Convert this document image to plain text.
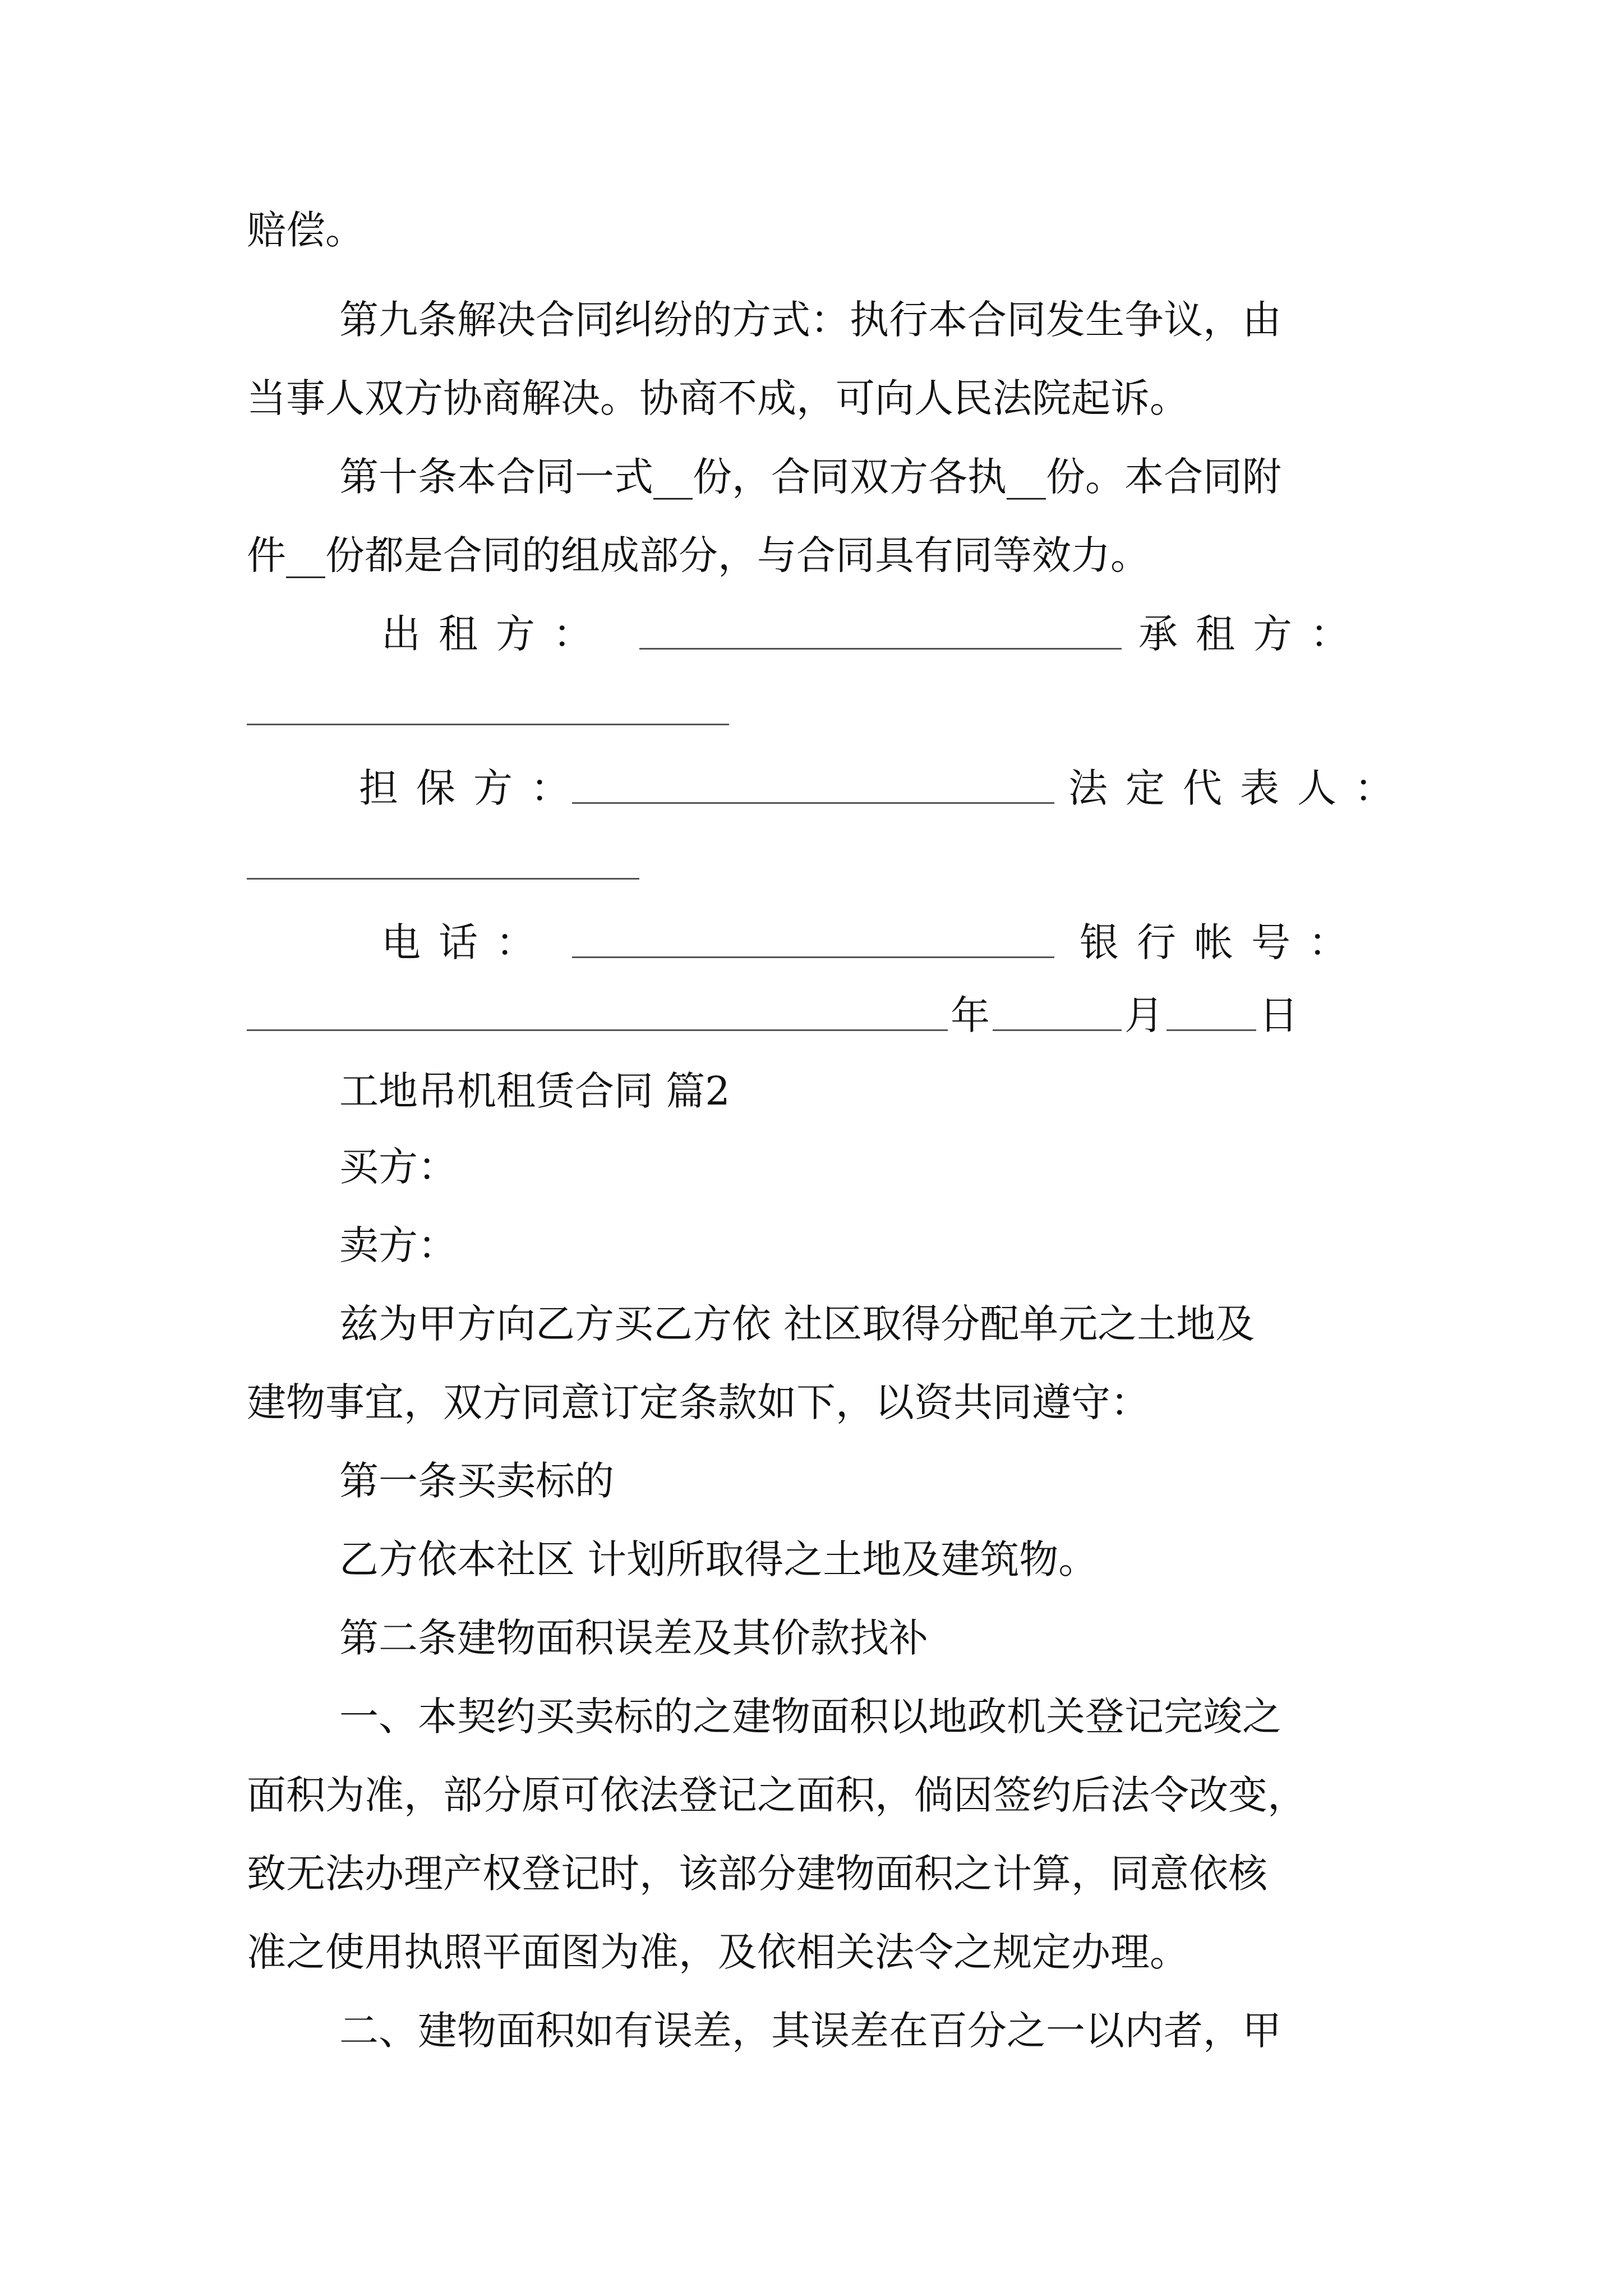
赔偿。
第九条解决合同纠纷的方式：执行本合同发生争议，由
当事人双方协商解决。协商不成，可向人民法院起诉。
第十条本合同一式__份，合同双方各执__份。本合同附
件__份都是合同的组成部分，与合同具有同等效力。
出租方：	承租方：
担保方：	法定代表人：
电话：	银行帐号：
年	月 日
工地吊机租赁合同 篇2
买方：
卖方：
兹为甲方向乙方买乙方依 社区取得分配单元之土地及
建物事宜，双方同意订定条款如下，以资共同遵守：
第一条买卖标的
乙方依本社区 计划所取得之土地及建筑物。
第二条建物面积误差及其价款找补
一、本契约买卖标的之建物面积以地政机关登记完竣之
面积为准，部分原可依法登记之面积，倘因签约后法令改变，
致无法办理产权登记时，该部分建物面积之计算，同意依核
准之使用执照平面图为准，及依相关法令之规定办理。
二、建物面积如有误差，其误差在百分之一以内者，甲
